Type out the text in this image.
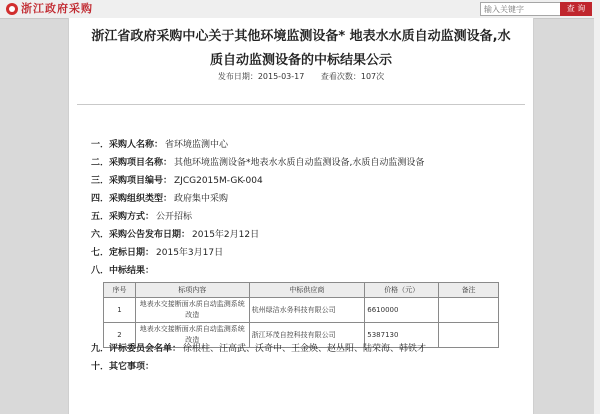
浙江政府采购
输入关键字	查 询
浙江省政府采购中心关于其他环境监测设备* 地表水水质自动监测设备,水质自动监测设备的中标结果公示
发布日期：2015-03-17 查看次数：107次
一．采购人名称： 省环境监测中心
二．采购项目名称： 其他环境监测设备*地表水水质自动监测设备,水质自动监测设备
三．采购项目编号： ZJCG2015M-GK-004
四．采购组织类型： 政府集中采购
五．采购方式： 公开招标
六．采购公告发布日期： 2015年2月12日
七．定标日期： 2015年3月17日
八．中标结果：
序号	标项内容	中标供应商	价格（元）	备注
1	地表水交接断面水质自动监测系统改造	杭州绿洁水务科技有限公司	6610000	
2	地表水交接断面水质自动监测系统改造	浙江环茂自控科技有限公司	5387130	
九．评标委员会名单： 徐根柱、汪高武、沃奇中、王金焕、赵丛阳、陆荣海、韩铁才
十．其它事项：
